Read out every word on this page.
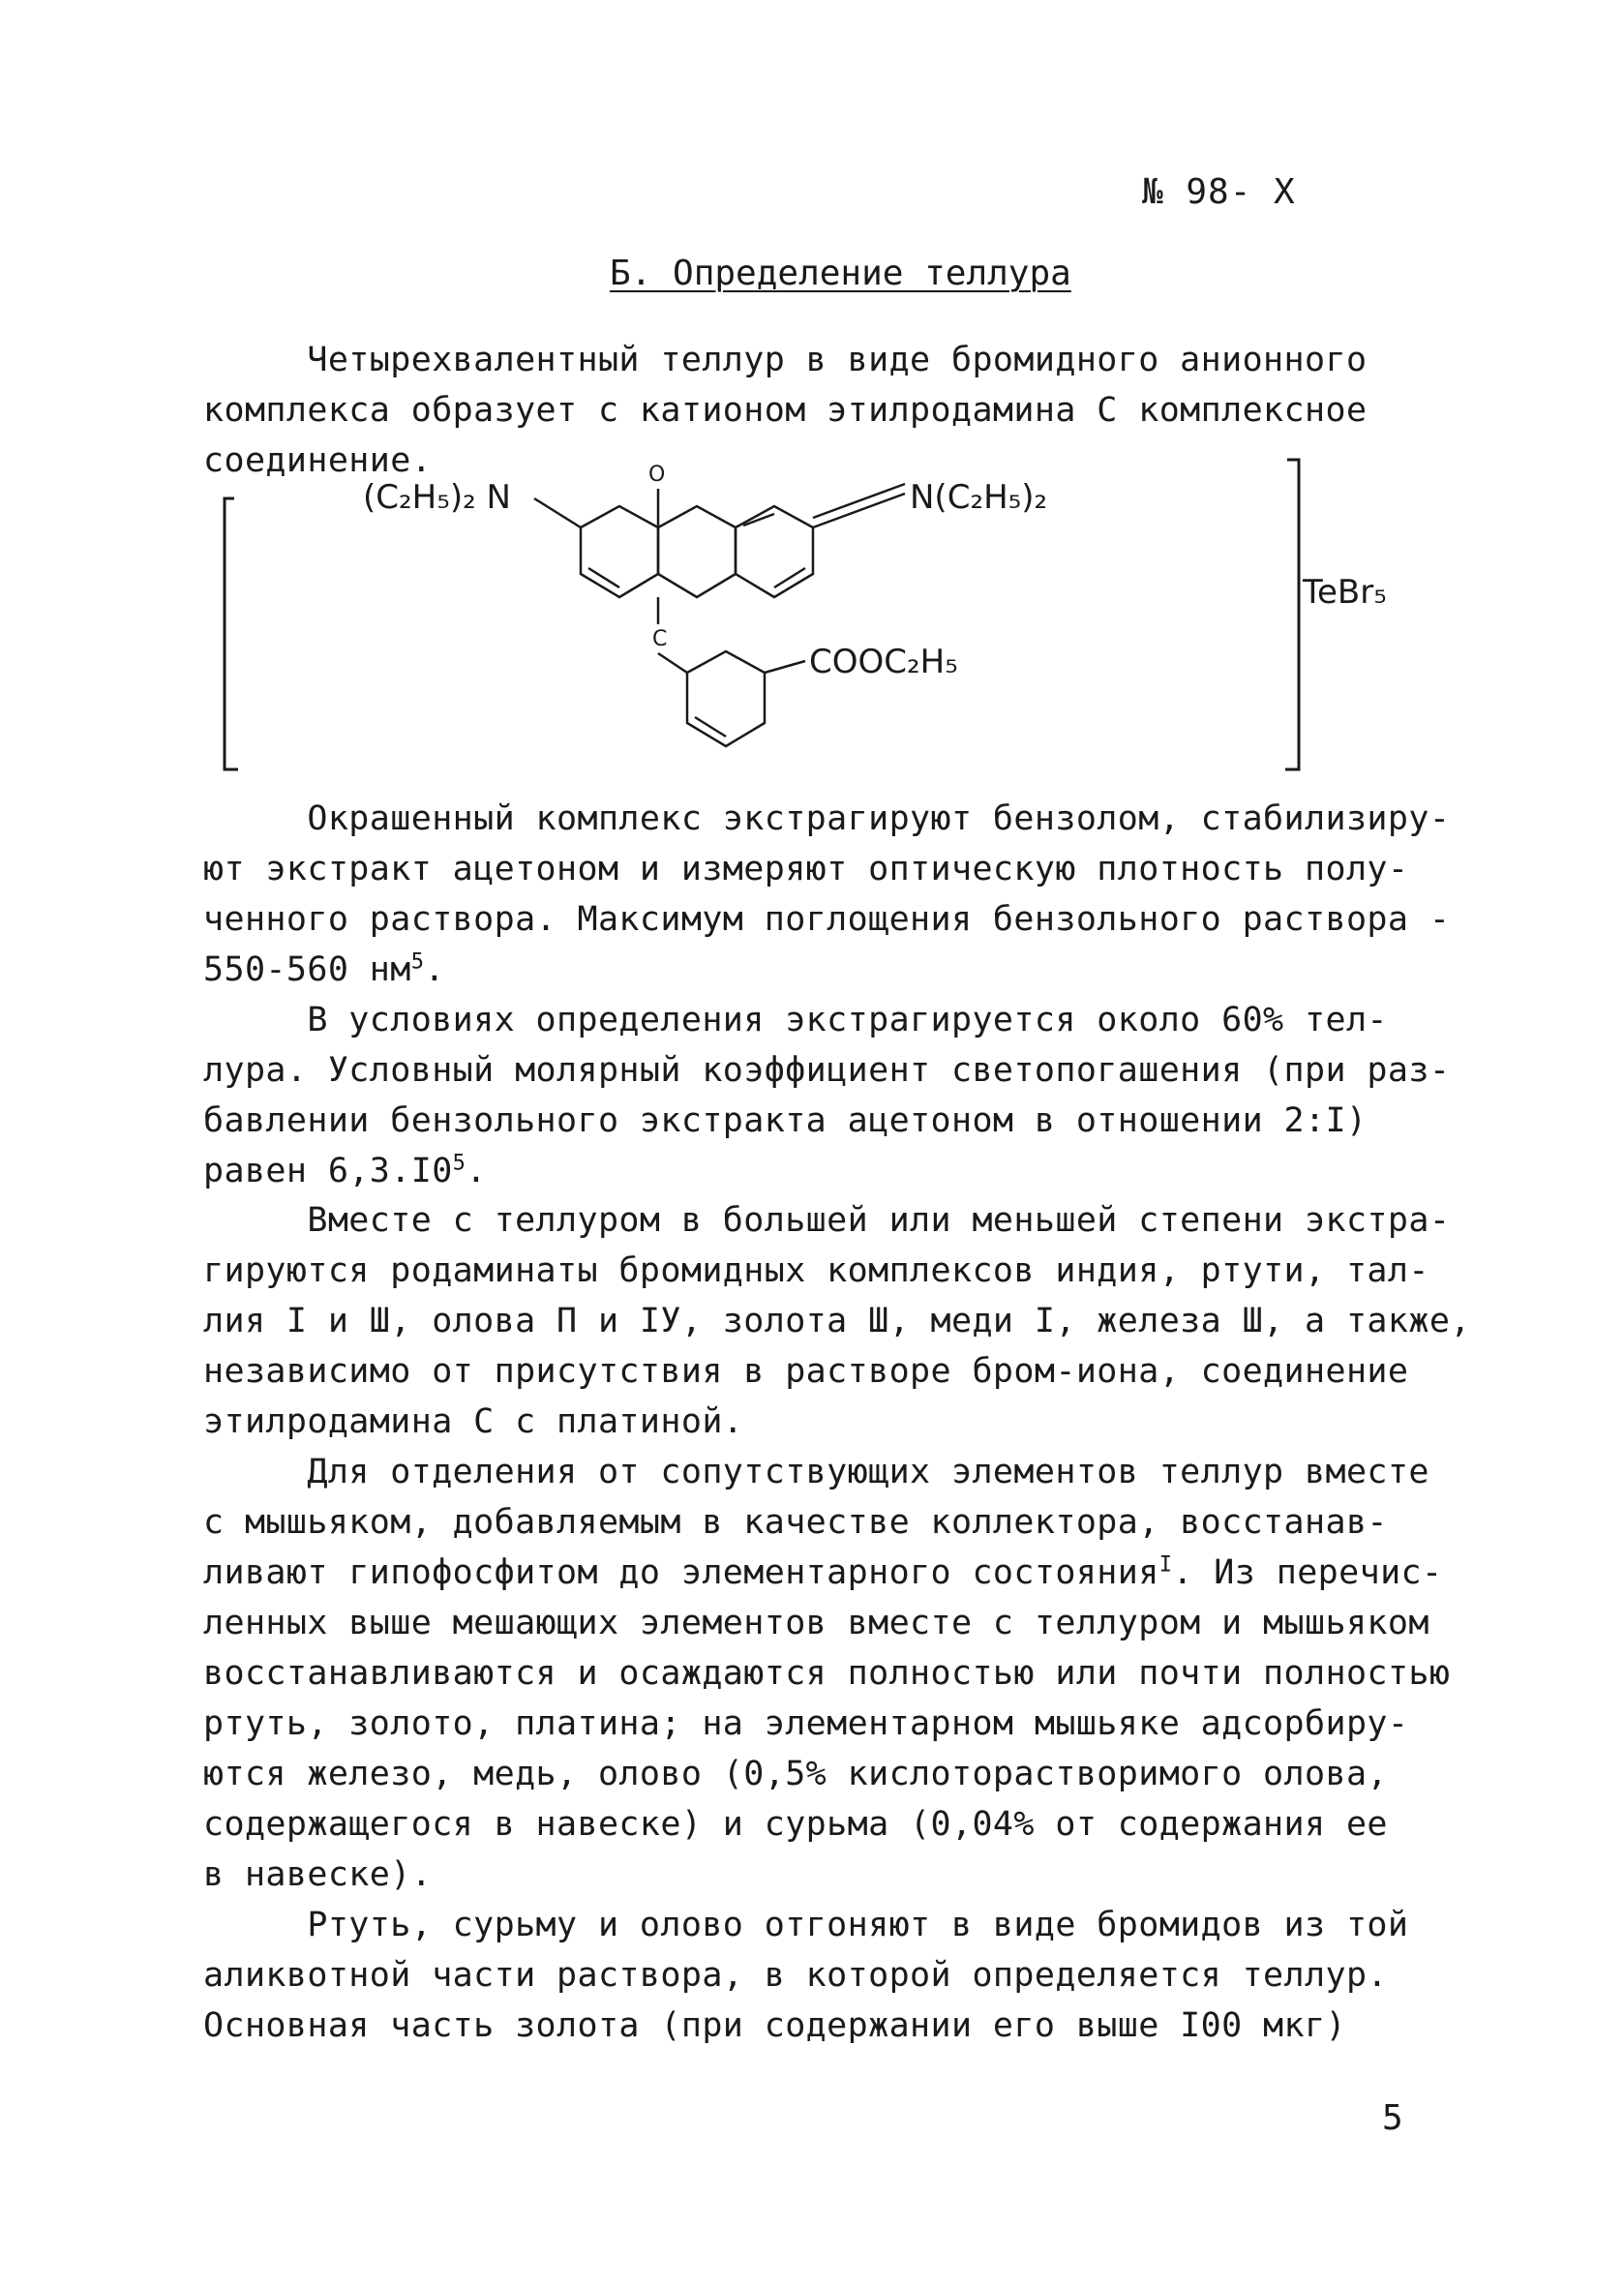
№ 98- X
Б. Определение теллура
Четырехвалентный теллур в виде бромидного анионного
комплекса образует с катионом этилродамина С комплексное
соединение.
(C₂H₅)₂ N	N(C₂H₅)₂
O
C
COOC₂H₅
TeBr₅
Окрашенный комплекс экстрагируют бензолом, стабилизиру-
ют экстракт ацетоном и измеряют оптическую плотность полу-
ченного раствора. Максимум поглощения бензольного раствора -
550-560 $нм^5$.
В условиях определения экстрагируется около 60% тел-
лура. Условный молярный коэффициент светопогашения (при раз-
бавлении бензольного экстракта ацетоном в отношении 2:I)
равен $6,3.I0^5$.
Вместе с теллуром в большей или меньшей степени экстра-
гируются родаминаты бромидных комплексов индия, ртути, тал-
лия I и Ш, олова П и IУ, золота Ш, меди I, железа Ш, а также,
независимо от присутствия в растворе бром-иона, соединение
этилродамина С с платиной.
Для отделения от сопутствующих элементов теллур вместе
с мышьяком, добавляемым в качестве коллектора, восстанав-
ливают гипофосфитом до элементарного состояния$^I$. Из перечис-
ленных выше мешающих элементов вместе с теллуром и мышьяком
восстанавливаются и осаждаются полностью или почти полностью
ртуть, золото, платина; на элементарном мышьяке адсорбиру-
ются железо, медь, олово (0,5% кислоторастворимого олова,
содержащегося в навеске) и сурьма (0,04% от содержания ее
в навеске).
Ртуть, сурьму и олово отгоняют в виде бромидов из той
аликвотной части раствора, в которой определяется теллур.
Основная часть золота (при содержании его выше I00 мкг)
5
